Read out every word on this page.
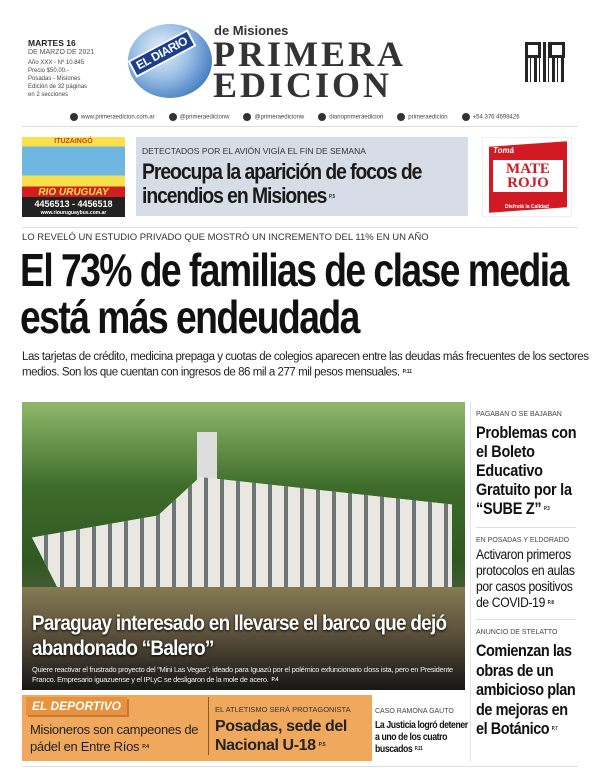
MARTES 16
DE MARZO DE 2021
Año XXX - Nº 10.845
Precio $50,00.-
Posadas - Misiones
Edición de 32 páginas
en 2 secciones
EL DIARIO
de Misiones
PRIMERA
EDICION
www.primeraedicion.com.ar	@primeraedicionw	@primeraedicionw	diarioprimeraedicion	primeraedicion	+54 376 4698426
ITUZAINGÓ
RIO URUGUAY
4456513 - 4456518
www.riouruguaybus.com.ar
DETECTADOS POR EL AVIÓN VIGÍA EL FIN DE SEMANA
Preocupa la aparición de focos de incendios en Misiones P.5
Tomá
MATE ROJO
Disfrutá la Calidad
LO REVELÓ UN ESTUDIO PRIVADO QUE MOSTRÓ UN INCREMENTO DEL 11% EN UN AÑO
El 73% de familias de clase media está más endeudada
Las tarjetas de crédito, medicina prepaga y cuotas de colegios aparecen entre las deudas más frecuentes de los sectores medios. Son los que cuentan con ingresos de 86 mil a 277 mil pesos mensuales. P.11
Paraguay interesado en llevarse el barco que dejó abandonado “Balero”
Quiere reactivar el frustrado proyecto del "Mini Las Vegas", ideado para Iguazú por el polémico exfuncionario closs ista, pero en Presidente Franco. Empresario iguazuense y el IPLyC se desligaron de la mole de acero. P.4
PAGABAN O SE BAJABAN
Problemas con el Boleto Educativo Gratuito por la “SUBE Z” P.3
EN POSADAS Y ELDORADO
Activaron primeros protocolos en aulas por casos positivos de COVID-19 P.8
ANUNCIO DE STELATTO
Comienzan las obras de un ambicioso plan de mejoras en el Botánico P.7
EL DEPORTIVO
Misioneros son campeones de pádel en Entre Ríos P.4
EL ATLETISMO SERÁ PROTAGONISTA
Posadas, sede del Nacional U-18 P.5
CASO RAMONA GAUTO
La Justicia logró detener a uno de los cuatro buscados P.21
